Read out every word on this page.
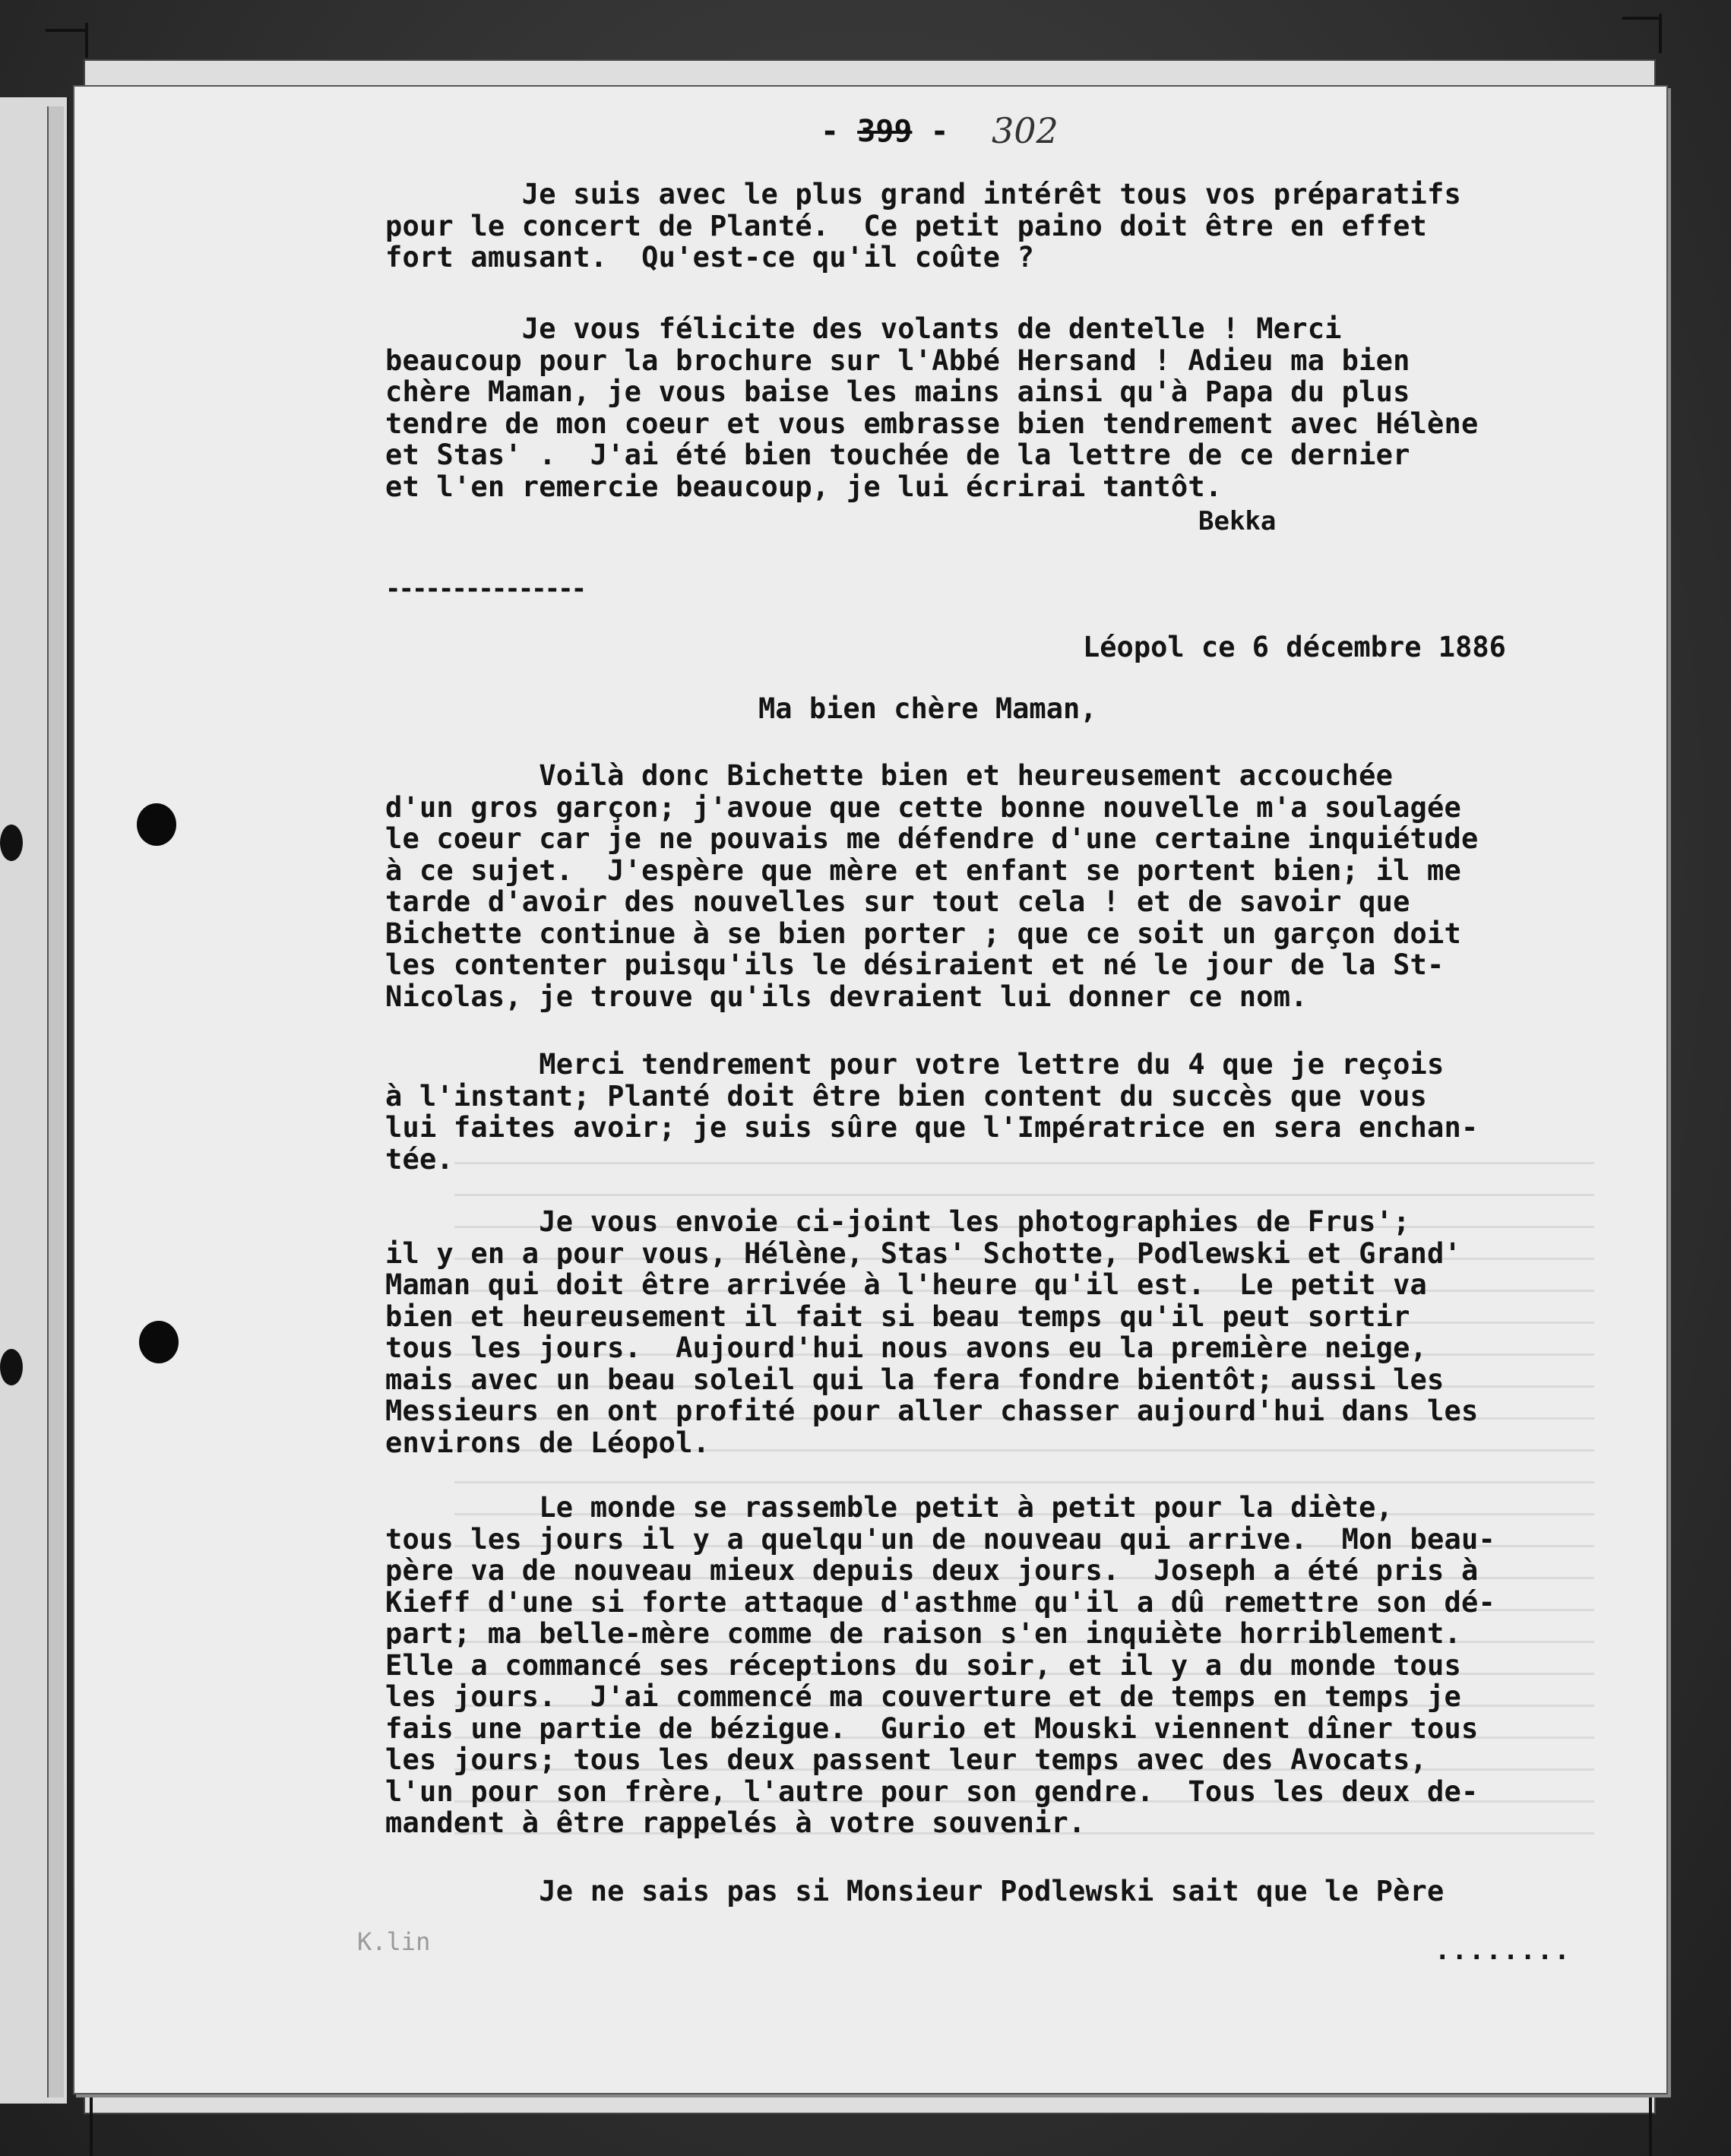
- 399 - 302
Je suis avec le plus grand intérêt tous vos préparatifs
pour le concert de Planté.  Ce petit paino doit être en effet
fort amusant.  Qu'est-ce qu'il coûte ?
Je vous félicite des volants de dentelle ! Merci
beaucoup pour la brochure sur l'Abbé Hersand ! Adieu ma bien
chère Maman, je vous baise les mains ainsi qu'à Papa du plus
tendre de mon coeur et vous embrasse bien tendrement avec Hélène
et Stas' .  J'ai été bien touchée de la lettre de ce dernier
et l'en remercie beaucoup, je lui écrirai tantôt.
Bekka
---------------
Léopol ce 6 décembre 1886
Ma bien chère Maman,
Voilà donc Bichette bien et heureusement accouchée
d'un gros garçon; j'avoue que cette bonne nouvelle m'a soulagée
le coeur car je ne pouvais me défendre d'une certaine inquiétude
à ce sujet.  J'espère que mère et enfant se portent bien; il me
tarde d'avoir des nouvelles sur tout cela ! et de savoir que
Bichette continue à se bien porter ; que ce soit un garçon doit
les contenter puisqu'ils le désiraient et né le jour de la St-
Nicolas, je trouve qu'ils devraient lui donner ce nom.
Merci tendrement pour votre lettre du 4 que je reçois
à l'instant; Planté doit être bien content du succès que vous
lui faites avoir; je suis sûre que l'Impératrice en sera enchan-
tée.
Je vous envoie ci-joint les photographies de Frus';
il y en a pour vous, Hélène, Stas' Schotte, Podlewski et Grand'
Maman qui doit être arrivée à l'heure qu'il est.  Le petit va
bien et heureusement il fait si beau temps qu'il peut sortir
tous les jours.  Aujourd'hui nous avons eu la première neige,
mais avec un beau soleil qui la fera fondre bientôt; aussi les
Messieurs en ont profité pour aller chasser aujourd'hui dans les
environs de Léopol.
Le monde se rassemble petit à petit pour la diète,
tous les jours il y a quelqu'un de nouveau qui arrive.  Mon beau-
père va de nouveau mieux depuis deux jours.  Joseph a été pris à
Kieff d'une si forte attaque d'asthme qu'il a dû remettre son dé-
part; ma belle-mère comme de raison s'en inquiète horriblement.
Elle a commancé ses réceptions du soir, et il y a du monde tous
les jours.  J'ai commencé ma couverture et de temps en temps je
fais une partie de bézigue.  Gurio et Mouski viennent dîner tous
les jours; tous les deux passent leur temps avec des Avocats,
l'un pour son frère, l'autre pour son gendre.  Tous les deux de-
mandent à être rappelés à votre souvenir.
Je ne sais pas si Monsieur Podlewski sait que le Père
K.lin	........
